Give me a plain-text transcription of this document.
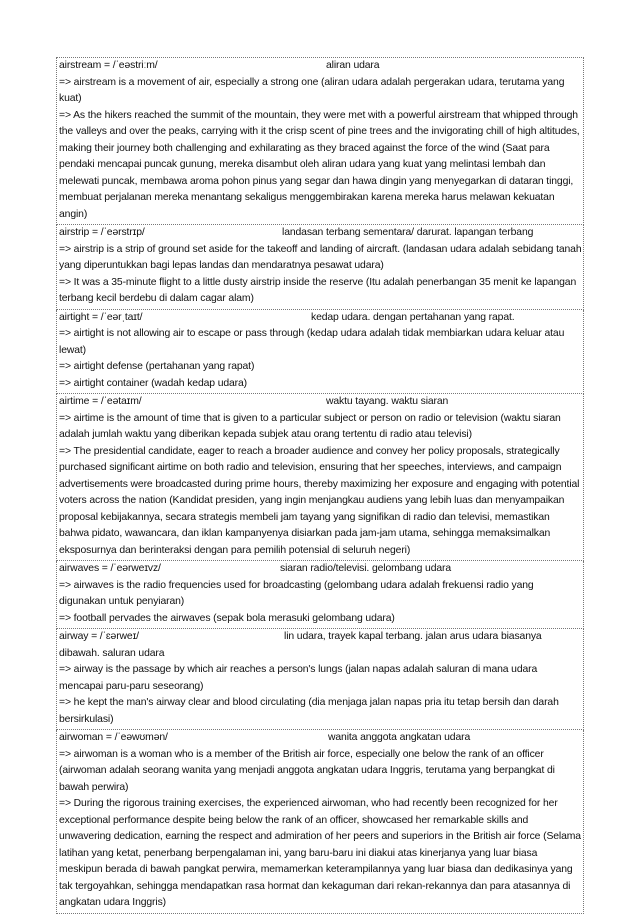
airstream = /ˈeəstriːm/	aliran udara

=> airstream is a movement of air, especially a strong one (aliran udara adalah pergerakan udara, terutama yang kuat)

=> As the hikers reached the summit of the mountain, they were met with a powerful airstream that whipped through the valleys and over the peaks, carrying with it the crisp scent of pine trees and the invigorating chill of high altitudes, making their journey both challenging and exhilarating as they braced against the force of the wind (Saat para pendaki mencapai puncak gunung, mereka disambut oleh aliran udara yang kuat yang melintasi lembah dan melewati puncak, membawa aroma pohon pinus yang segar dan hawa dingin yang menyegarkan di dataran tinggi, membuat perjalanan mereka menantang sekaligus menggembirakan karena mereka harus melawan kekuatan angin)

airstrip = /ˈeərstrɪp/	landasan terbang sementara/ darurat. lapangan terbang

=> airstrip is a strip of ground set aside for the takeoff and landing of aircraft. (landasan udara adalah sebidang tanah yang diperuntukkan bagi lepas landas dan mendaratnya pesawat udara)

=> It was a 35-minute flight to a little dusty airstrip inside the reserve (Itu adalah penerbangan 35 menit ke lapangan terbang kecil berdebu di dalam cagar alam)

airtight = /ˈeərˌtaɪt/	kedap udara. dengan pertahanan yang rapat.

=> airtight is not allowing air to escape or pass through (kedap udara adalah tidak membiarkan udara keluar atau lewat)

=> airtight defense (pertahanan yang rapat)

=> airtight container (wadah kedap udara)

airtime = /ˈeətaɪm/	waktu tayang. waktu siaran

=> airtime is the amount of time that is given to a particular subject or person on radio or television (waktu siaran adalah jumlah waktu yang diberikan kepada subjek atau orang tertentu di radio atau televisi)

=> The presidential candidate, eager to reach a broader audience and convey her policy proposals, strategically purchased significant airtime on both radio and television, ensuring that her speeches, interviews, and campaign advertisements were broadcasted during prime hours, thereby maximizing her exposure and engaging with potential voters across the nation (Kandidat presiden, yang ingin menjangkau audiens yang lebih luas dan menyampaikan proposal kebijakannya, secara strategis membeli jam tayang yang signifikan di radio dan televisi, memastikan bahwa pidato, wawancara, dan iklan kampanyenya disiarkan pada jam-jam utama, sehingga memaksimalkan eksposurnya dan berinteraksi dengan para pemilih potensial di seluruh negeri)

airwaves = /ˈeərweɪvz/	siaran radio/televisi. gelombang udara

=> airwaves is the radio frequencies used for broadcasting (gelombang udara adalah frekuensi radio yang digunakan untuk penyiaran)

=> football pervades the airwaves (sepak bola merasuki gelombang udara)

airway = /ˈɛərweɪ/	lin udara, trayek kapal terbang. jalan arus udara biasanya dibawah. saluran udara

=> airway is the passage by which air reaches a person's lungs (jalan napas adalah saluran di mana udara mencapai paru-paru seseorang)

=> he kept the man's airway clear and blood circulating (dia menjaga jalan napas pria itu tetap bersih dan darah bersirkulasi)

airwoman = /ˈeəwʊmən/	wanita anggota angkatan udara

=> airwoman is a woman who is a member of the British air force, especially one below the rank of an officer (airwoman adalah seorang wanita yang menjadi anggota angkatan udara Inggris, terutama yang berpangkat di bawah perwira)

=> During the rigorous training exercises, the experienced airwoman, who had recently been recognized for her exceptional performance despite being below the rank of an officer, showcased her remarkable skills and unwavering dedication, earning the respect and admiration of her peers and superiors in the British air force (Selama latihan yang ketat, penerbang berpengalaman ini, yang baru-baru ini diakui atas kinerjanya yang luar biasa meskipun berada di bawah pangkat perwira, memamerkan keterampilannya yang luar biasa dan dedikasinya yang tak tergoyahkan, sehingga mendapatkan rasa hormat dan kekaguman dari rekan-rekannya dan para atasannya di angkatan udara Inggris)
